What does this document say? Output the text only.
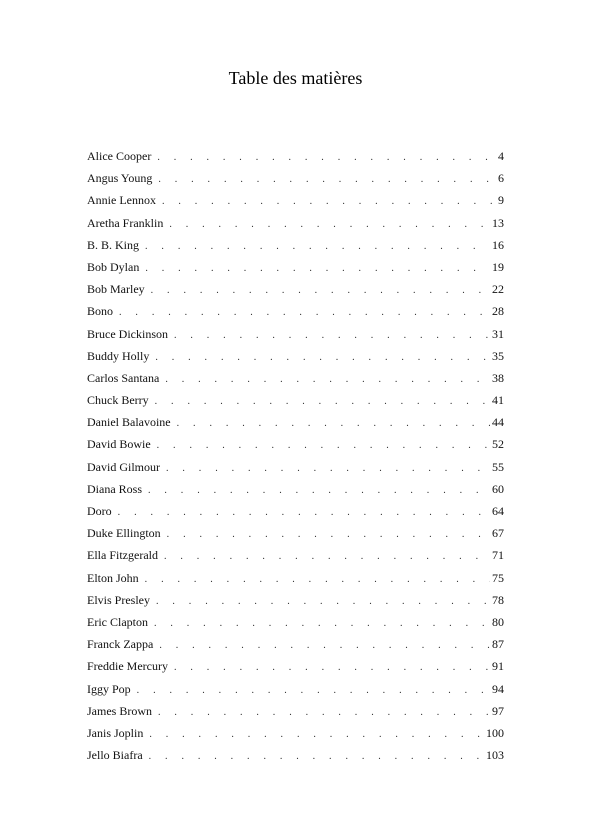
Table des matières
Alice Cooper . . .	4
Angus Young . . .	6
Annie Lennox . . .	9
Aretha Franklin . . .	13
B. B. King . . .	16
Bob Dylan . . .	19
Bob Marley . . .	22
Bono . . .	28
Bruce Dickinson . . .	31
Buddy Holly . . .	35
Carlos Santana . . .	38
Chuck Berry . . .	41
Daniel Balavoine . . .	44
David Bowie . . .	52
David Gilmour . . .	55
Diana Ross . . .	60
Doro . . .	64
Duke Ellington . . .	67
Ella Fitzgerald . . .	71
Elton John . . .	75
Elvis Presley . . .	78
Eric Clapton . . .	80
Franck Zappa . . .	87
Freddie Mercury . . .	91
Iggy Pop . . .	94
James Brown . . .	97
Janis Joplin . . .	100
Jello Biafra . . .	103
